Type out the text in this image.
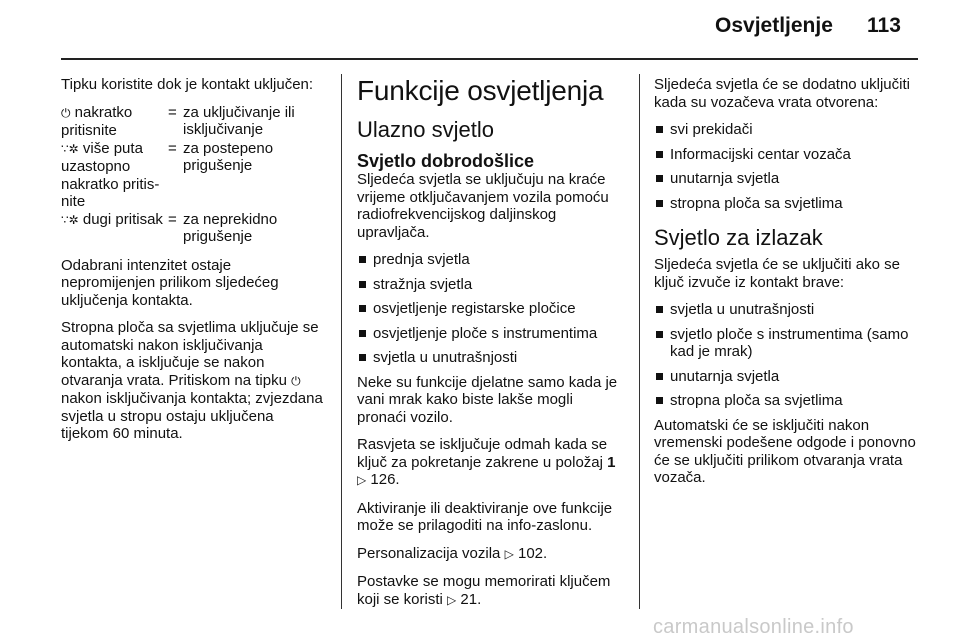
Osvjetljenje 113

Tipku koristite dok je kontakt uključen:

⏻ nakratko pritisnite
= za uključivanje ili isključivanje
∵✲ više puta uzastopno nakratko pritis- nite
= za postepeno prigušenje
∵✲ dugi pritisak = za neprekidno prigušenje

Odabrani intenzitet ostaje nepromijenjen prilikom sljedećeg uključenja kontakta.

Stropna ploča sa svjetlima uključuje se automatski nakon isključivanja kontakta, a isključuje se nakon otvaranja vrata. Pritiskom na tipku ⏻ nakon isključivanja kontakta; zvjezdana svjetla u stropu ostaju uključena tijekom 60 minuta.

Funkcije osvjetljenja
Ulazno svjetlo
Svjetlo dobrodošlice

Sljedeća svjetla se uključuju na kraće vrijeme otključavanjem vozila pomoću radiofrekvencijskog daljinskog upravljača.

prednja svjetla
stražnja svjetla
osvjetljenje registarske pločice
osvjetljenje ploče s instrumentima
svjetla u unutrašnjosti

Neke su funkcije djelatne samo kada je vani mrak kako biste lakše mogli pronaći vozilo.

Rasvjeta se isključuje odmah kada se ključ za pokretanje zakrene u položaj 1 ▷ 126.

Aktiviranje ili deaktiviranje ove funkcije može se prilagoditi na info-zaslonu.

Personalizacija vozila ▷ 102.

Postavke se mogu memorirati ključem koji se koristi ▷ 21.

Sljedeća svjetla će se dodatno uključiti kada su vozačeva vrata otvorena:

svi prekidači
Informacijski centar vozača
unutarnja svjetla
stropna ploča sa svjetlima
Svjetlo za izlazak

Sljedeća svjetla će se uključiti ako se ključ izvuče iz kontakt brave:

svjetla u unutrašnjosti
svjetlo ploče s instrumentima (samo kad je mrak)
unutarnja svjetla
stropna ploča sa svjetlima

Automatski će se isključiti nakon vremenski podešene odgode i ponovno će se uključiti prilikom otvaranja vrata vozača.

carmanualsonline.info
